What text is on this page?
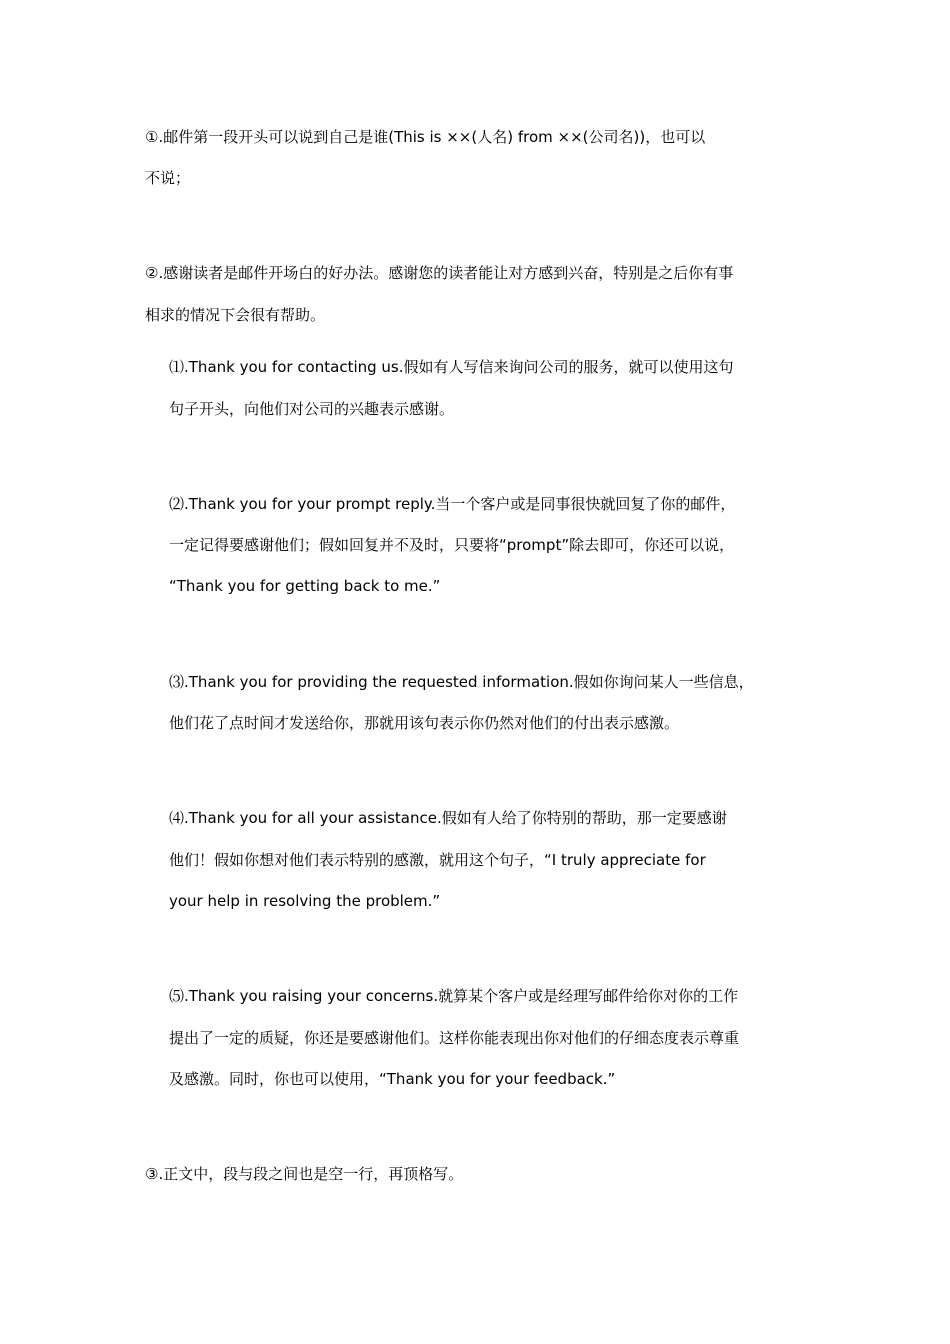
①.邮件第一段开头可以说到自己是谁(This is ××(人名) from ××(公司名))，也可以
不说；
②.感谢读者是邮件开场白的好办法。感谢您的读者能让对方感到兴奋，特别是之后你有事
相求的情况下会很有帮助。
⑴.Thank you for contacting us.假如有人写信来询问公司的服务，就可以使用这句
句子开头，向他们对公司的兴趣表示感谢。
⑵.Thank you for your prompt reply.当一个客户或是同事很快就回复了你的邮件，
一定记得要感谢他们；假如回复并不及时，只要将“prompt”除去即可，你还可以说，
“Thank you for getting back to me.”
⑶.Thank you for providing the requested information.假如你询问某人一些信息，
他们花了点时间才发送给你，那就用该句表示你仍然对他们的付出表示感激。
⑷.Thank you for all your assistance.假如有人给了你特别的帮助，那一定要感谢
他们！假如你想对他们表示特别的感激，就用这个句子，“I truly appreciate for
your help in resolving the problem.”
⑸.Thank you raising your concerns.就算某个客户或是经理写邮件给你对你的工作
提出了一定的质疑，你还是要感谢他们。这样你能表现出你对他们的仔细态度表示尊重
及感激。同时，你也可以使用，“Thank you for your feedback.”
③.正文中，段与段之间也是空一行，再顶格写。
